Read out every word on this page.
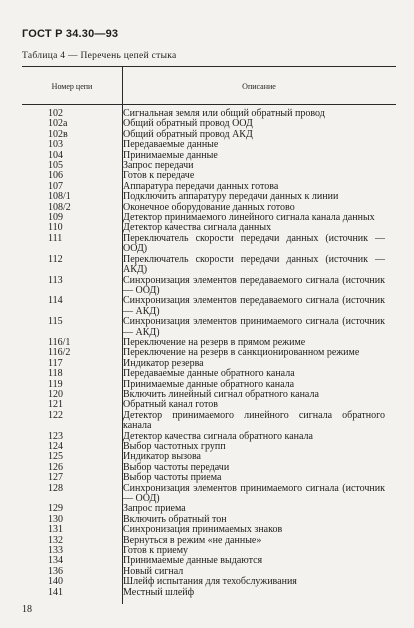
ГОСТ Р 34.30—93
Таблица 4 — Перечень цепей стыка
Номер цепи	Описание
102	Сигнальная земля или общий обратный провод
102a	Общий обратный провод ООД
102в	Общий обратный провод АКД
103	Передаваемые данные
104	Принимаемые данные
105	Запрос передачи
106	Готов к передаче
107	Аппаратура передачи данных готова
108/1	Подключить аппаратуру передачи данных к линии
108/2	Оконечное оборудование данных готово
109	Детектор принимаемого линейного сигнала канала данных
110	Детектор качества сигнала данных
111	Переключатель скорости передачи данных (источник — ООД)
112	Переключатель скорости передачи данных (источник — АКД)
113	Синхронизация элементов передаваемого сигнала (источник — ООД)
114	Синхронизация элементов передаваемого сигнала (источник — АКД)
115	Синхронизация элементов принимаемого сигнала (источник — АКД)
116/1	Переключение на резерв в прямом режиме
116/2	Переключение на резерв в санкционированном режиме
117	Индикатор резерва
118	Передаваемые данные обратного канала
119	Принимаемые данные обратного канала
120	Включить линейный сигнал обратного канала
121	Обратный канал готов
122	Детектор принимаемого линейного сигнала обратного канала
123	Детектор качества сигнала обратного канала
124	Выбор частотных групп
125	Индикатор вызова
126	Выбор частоты передачи
127	Выбор частоты приема
128	Синхронизация элементов принимаемого сигнала (источник — ООД)
129	Запрос приема
130	Включить обратный тон
131	Синхронизация принимаемых знаков
132	Вернуться в режим «не данные»
133	Готов к приему
134	Принимаемые данные выдаются
136	Новый сигнал
140	Шлейф испытания для техобслуживания
141	Местный шлейф
18
